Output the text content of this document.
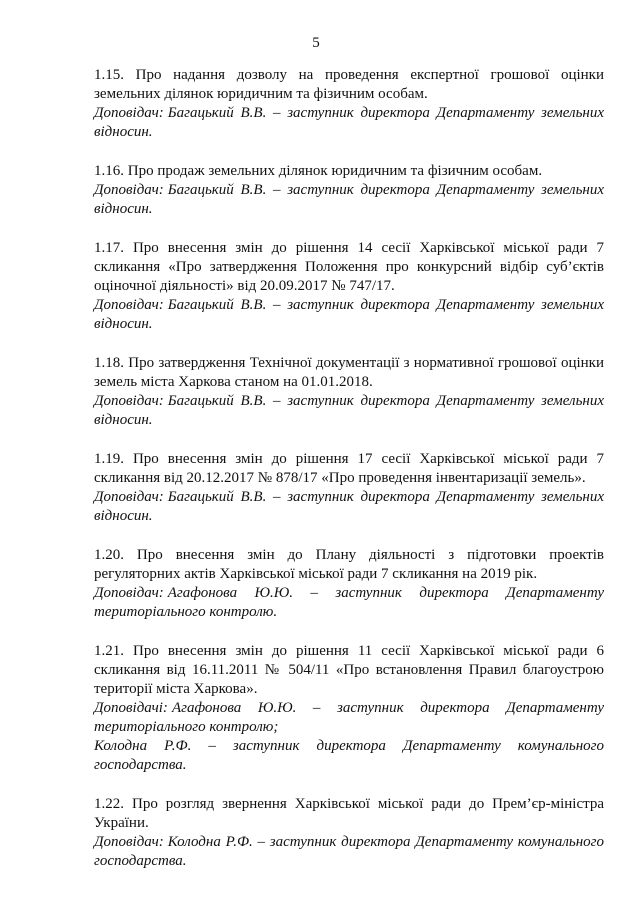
5

1.15. Про надання дозволу на проведення експертної грошової оцінки земельних ділянок юридичним та фізичним особам.

Доповідач: Багацький В.В. – заступник директора Департаменту земельних відносин.

1.16. Про продаж земельних ділянок юридичним та фізичним особам.

Доповідач: Багацький В.В. – заступник директора Департаменту земельних відносин.

1.17. Про внесення змін до рішення 14 сесії Харківської міської ради 7 скликання «Про затвердження Положення про конкурсний відбір суб’єктів оціночної діяльності» від 20.09.2017 № 747/17.

Доповідач: Багацький В.В. – заступник директора Департаменту земельних відносин.

1.18. Про затвердження Технічної документації з нормативної грошової оцінки земель міста Харкова станом на 01.01.2018.

Доповідач: Багацький В.В. – заступник директора Департаменту земельних відносин.

1.19. Про внесення змін до рішення 17 сесії Харківської міської ради 7 скликання від 20.12.2017 № 878/17 «Про проведення інвентаризації земель».

Доповідач: Багацький В.В. – заступник директора Департаменту земельних відносин.

1.20. Про внесення змін до Плану діяльності з підготовки проектів регуляторних актів Харківської міської ради 7 скликання на 2019 рік.

Доповідач: Агафонова Ю.Ю. – заступник директора Департаменту територіального контролю.

1.21. Про внесення змін до рішення 11 сесії Харківської міської ради 6 скликання від 16.11.2011 № 504/11 «Про встановлення Правил благоустрою території міста Харкова».

Доповідачі: Агафонова Ю.Ю. – заступник директора Департаменту територіального контролю;

Колодна Р.Ф. – заступник директора Департаменту комунального господарства.

1.22. Про розгляд звернення Харківської міської ради до Прем’єр-міністра України.

Доповідач: Колодна Р.Ф. – заступник директора Департаменту комунального господарства.
